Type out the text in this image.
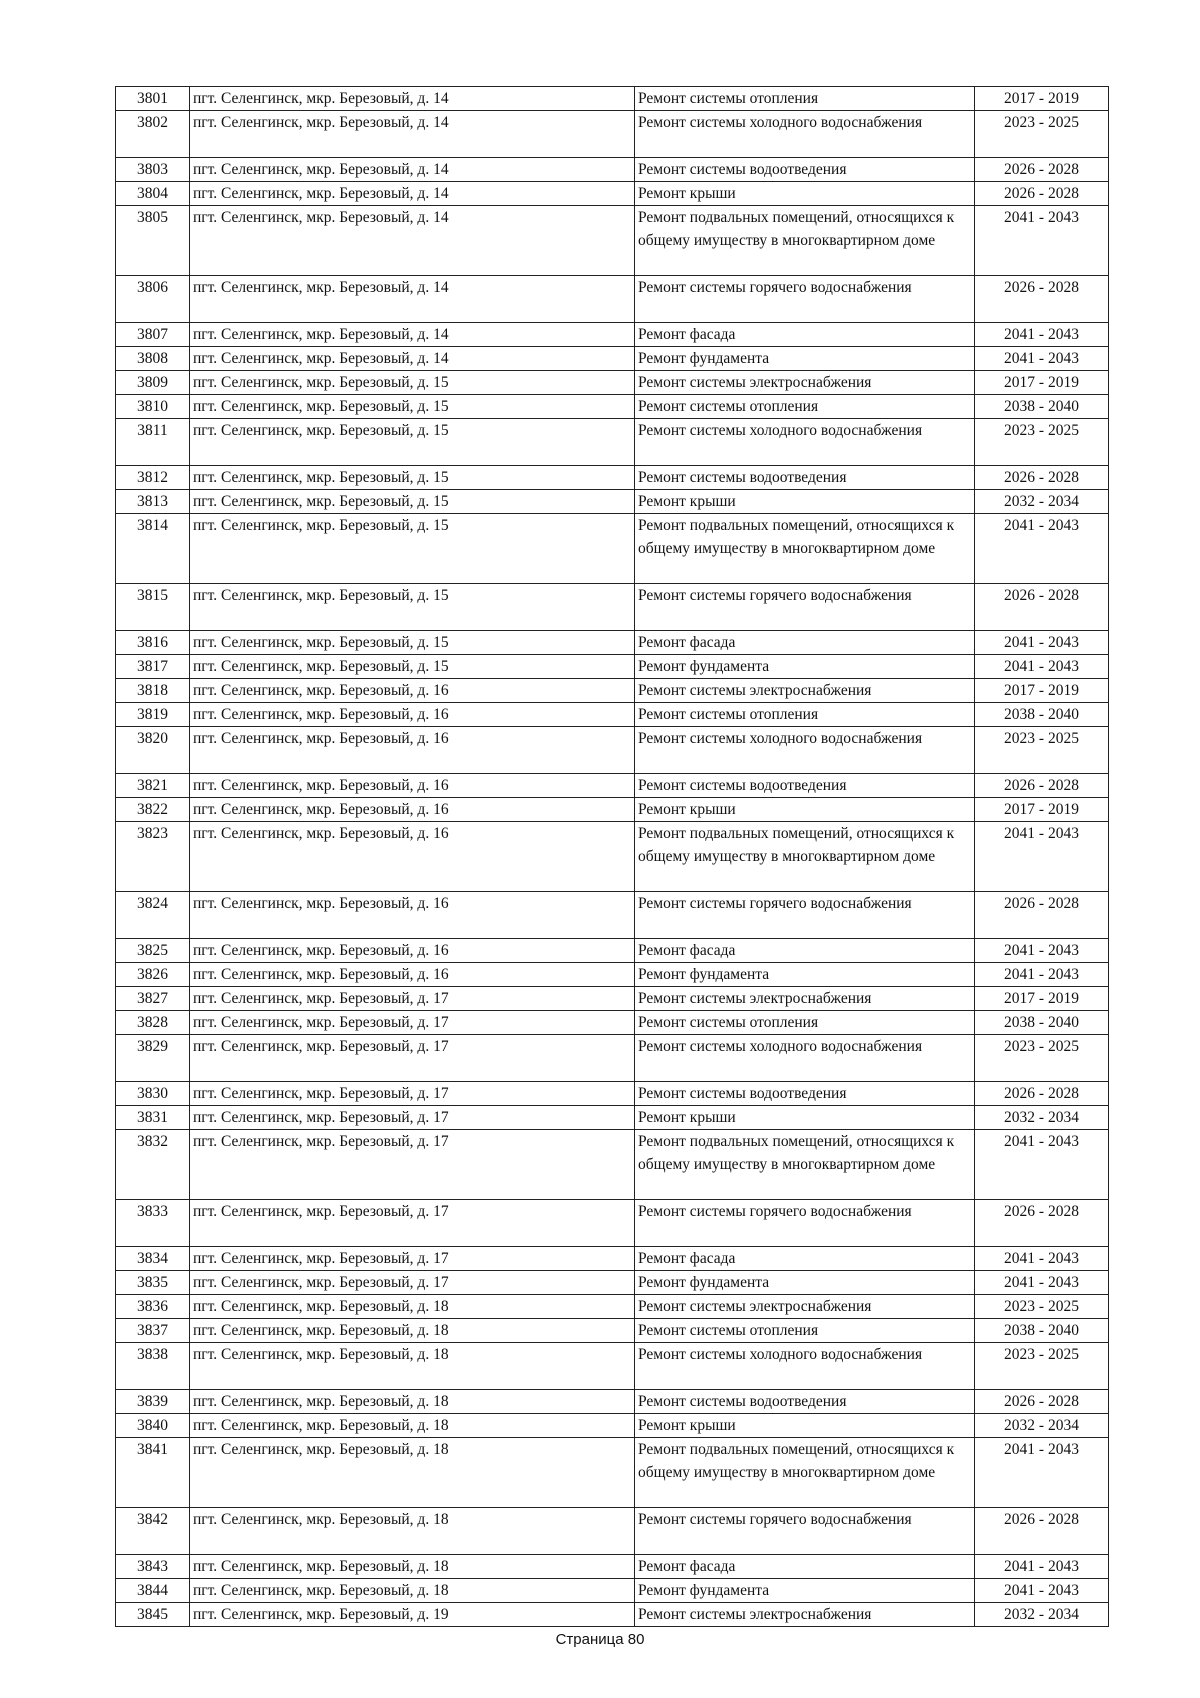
3801	пгт. Селенгинск, мкр. Березовый, д. 14	Ремонт системы отопления	2017 - 2019
3802	пгт. Селенгинск, мкр. Березовый, д. 14	Ремонт системы холодного водоснабжения	2023 - 2025
3803	пгт. Селенгинск, мкр. Березовый, д. 14	Ремонт системы водоотведения	2026 - 2028
3804	пгт. Селенгинск, мкр. Березовый, д. 14	Ремонт крыши	2026 - 2028
3805	пгт. Селенгинск, мкр. Березовый, д. 14	Ремонт подвальных помещений, относящихся к общему имуществу в многоквартирном доме	2041 - 2043
3806	пгт. Селенгинск, мкр. Березовый, д. 14	Ремонт системы горячего водоснабжения	2026 - 2028
3807	пгт. Селенгинск, мкр. Березовый, д. 14	Ремонт фасада	2041 - 2043
3808	пгт. Селенгинск, мкр. Березовый, д. 14	Ремонт фундамента	2041 - 2043
3809	пгт. Селенгинск, мкр. Березовый, д. 15	Ремонт системы электроснабжения	2017 - 2019
3810	пгт. Селенгинск, мкр. Березовый, д. 15	Ремонт системы отопления	2038 - 2040
3811	пгт. Селенгинск, мкр. Березовый, д. 15	Ремонт системы холодного водоснабжения	2023 - 2025
3812	пгт. Селенгинск, мкр. Березовый, д. 15	Ремонт системы водоотведения	2026 - 2028
3813	пгт. Селенгинск, мкр. Березовый, д. 15	Ремонт крыши	2032 - 2034
3814	пгт. Селенгинск, мкр. Березовый, д. 15	Ремонт подвальных помещений, относящихся к общему имуществу в многоквартирном доме	2041 - 2043
3815	пгт. Селенгинск, мкр. Березовый, д. 15	Ремонт системы горячего водоснабжения	2026 - 2028
3816	пгт. Селенгинск, мкр. Березовый, д. 15	Ремонт фасада	2041 - 2043
3817	пгт. Селенгинск, мкр. Березовый, д. 15	Ремонт фундамента	2041 - 2043
3818	пгт. Селенгинск, мкр. Березовый, д. 16	Ремонт системы электроснабжения	2017 - 2019
3819	пгт. Селенгинск, мкр. Березовый, д. 16	Ремонт системы отопления	2038 - 2040
3820	пгт. Селенгинск, мкр. Березовый, д. 16	Ремонт системы холодного водоснабжения	2023 - 2025
3821	пгт. Селенгинск, мкр. Березовый, д. 16	Ремонт системы водоотведения	2026 - 2028
3822	пгт. Селенгинск, мкр. Березовый, д. 16	Ремонт крыши	2017 - 2019
3823	пгт. Селенгинск, мкр. Березовый, д. 16	Ремонт подвальных помещений, относящихся к общему имуществу в многоквартирном доме	2041 - 2043
3824	пгт. Селенгинск, мкр. Березовый, д. 16	Ремонт системы горячего водоснабжения	2026 - 2028
3825	пгт. Селенгинск, мкр. Березовый, д. 16	Ремонт фасада	2041 - 2043
3826	пгт. Селенгинск, мкр. Березовый, д. 16	Ремонт фундамента	2041 - 2043
3827	пгт. Селенгинск, мкр. Березовый, д. 17	Ремонт системы электроснабжения	2017 - 2019
3828	пгт. Селенгинск, мкр. Березовый, д. 17	Ремонт системы отопления	2038 - 2040
3829	пгт. Селенгинск, мкр. Березовый, д. 17	Ремонт системы холодного водоснабжения	2023 - 2025
3830	пгт. Селенгинск, мкр. Березовый, д. 17	Ремонт системы водоотведения	2026 - 2028
3831	пгт. Селенгинск, мкр. Березовый, д. 17	Ремонт крыши	2032 - 2034
3832	пгт. Селенгинск, мкр. Березовый, д. 17	Ремонт подвальных помещений, относящихся к общему имуществу в многоквартирном доме	2041 - 2043
3833	пгт. Селенгинск, мкр. Березовый, д. 17	Ремонт системы горячего водоснабжения	2026 - 2028
3834	пгт. Селенгинск, мкр. Березовый, д. 17	Ремонт фасада	2041 - 2043
3835	пгт. Селенгинск, мкр. Березовый, д. 17	Ремонт фундамента	2041 - 2043
3836	пгт. Селенгинск, мкр. Березовый, д. 18	Ремонт системы электроснабжения	2023 - 2025
3837	пгт. Селенгинск, мкр. Березовый, д. 18	Ремонт системы отопления	2038 - 2040
3838	пгт. Селенгинск, мкр. Березовый, д. 18	Ремонт системы холодного водоснабжения	2023 - 2025
3839	пгт. Селенгинск, мкр. Березовый, д. 18	Ремонт системы водоотведения	2026 - 2028
3840	пгт. Селенгинск, мкр. Березовый, д. 18	Ремонт крыши	2032 - 2034
3841	пгт. Селенгинск, мкр. Березовый, д. 18	Ремонт подвальных помещений, относящихся к общему имуществу в многоквартирном доме	2041 - 2043
3842	пгт. Селенгинск, мкр. Березовый, д. 18	Ремонт системы горячего водоснабжения	2026 - 2028
3843	пгт. Селенгинск, мкр. Березовый, д. 18	Ремонт фасада	2041 - 2043
3844	пгт. Селенгинск, мкр. Березовый, д. 18	Ремонт фундамента	2041 - 2043
3845	пгт. Селенгинск, мкр. Березовый, д. 19	Ремонт системы электроснабжения	2032 - 2034
Страница 80
